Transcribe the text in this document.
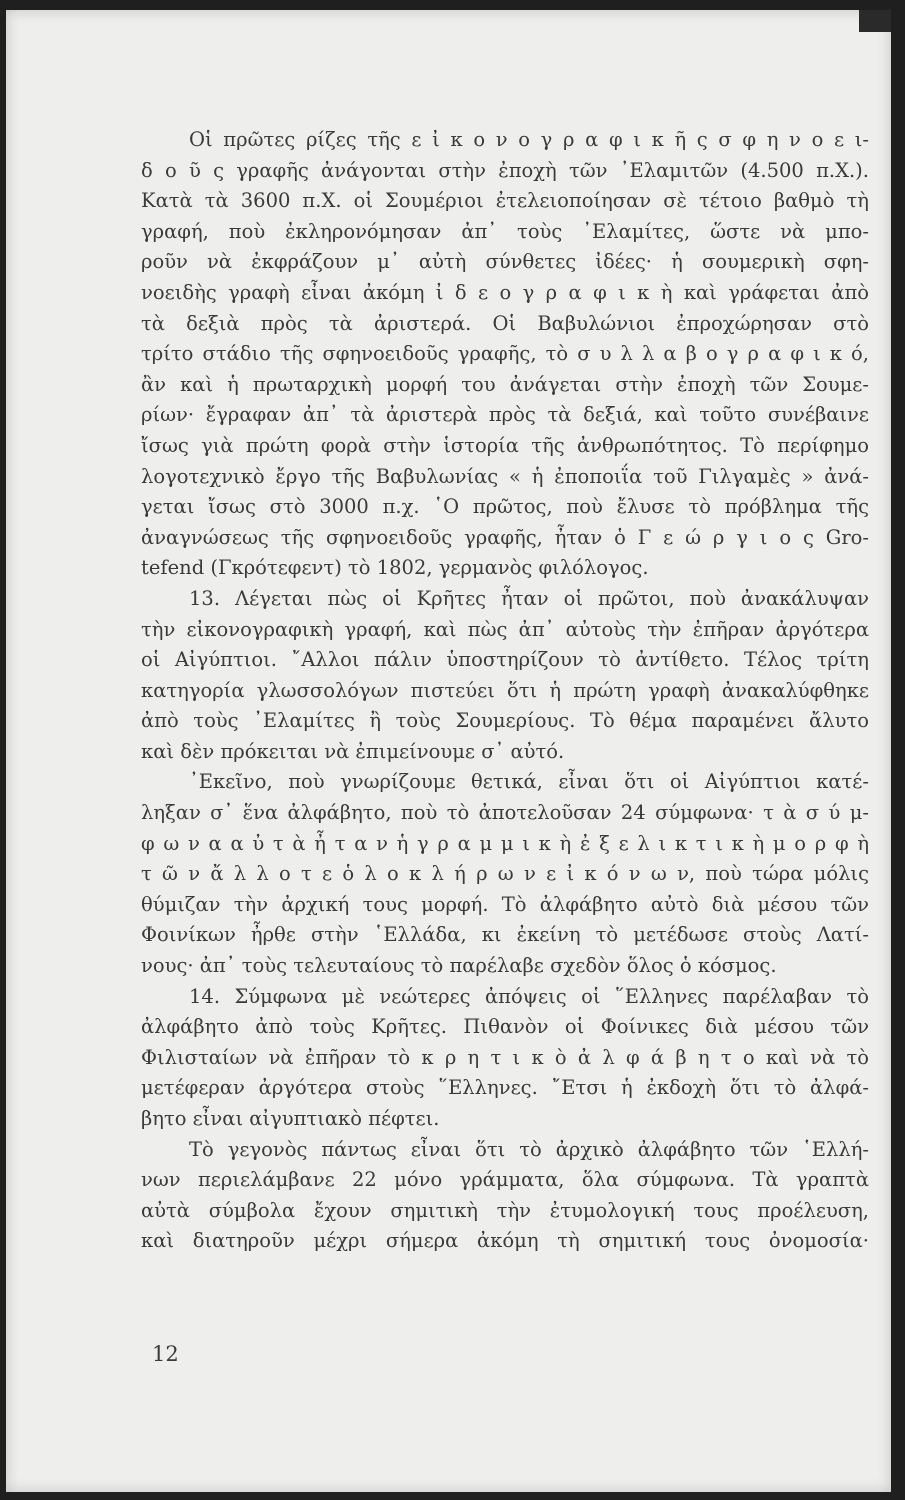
Οἱ πρῶτες ρίζες τῆς ε ἰ κ ο ν ο γ ρ α φ ι κ ῆ ς σ φ η ν ο ε ι-
δ ο ῦ ς γραφῆς ἀνάγονται στὴν ἐποχὴ τῶν ᾿Ελαμιτῶν (4.500 π.Χ.).
Κατὰ τὰ 3600 π.Χ. οἱ Σουμέριοι ἐτελειοποίησαν σὲ τέτοιο βαθμὸ τὴ
γραφή, ποὺ ἐκληρονόμησαν ἀπ᾿ τοὺς ᾿Ελαμίτες, ὥστε νὰ μπο-
ροῦν νὰ ἐκφράζουν μ᾿ αὐτὴ σύνθετες ἰδέες· ἡ σουμερικὴ σφη-
νοειδὴς γραφὴ εἶναι ἀκόμη ἰ δ ε ο γ ρ α φ ι κ ὴ καὶ γράφεται ἀπὸ
τὰ δεξιὰ πρὸς τὰ ἀριστερά. Οἱ Βαβυλώνιοι ἐπροχώρησαν στὸ
τρίτο στάδιο τῆς σφηνοειδοῦς γραφῆς, τὸ σ υ λ λ α β ο γ ρ α φ ι κ ό,
ἂν καὶ ἡ πρωταρχικὴ μορφή του ἀνάγεται στὴν ἐποχὴ τῶν Σουμε-
ρίων· ἔγραφαν ἀπ᾿ τὰ ἀριστερὰ πρὸς τὰ δεξιά, καὶ τοῦτο συνέβαινε
ἴσως γιὰ πρώτη φορὰ στὴν ἱστορία τῆς ἀνθρωπότητος. Τὸ περίφημο
λογοτεχνικὸ ἔργο τῆς Βαβυλωνίας « ἡ ἐποποιΐα τοῦ Γιλγαμὲς » ἀνά-
γεται ἴσως στὸ 3000 π.χ. ῾Ο πρῶτος, ποὺ ἔλυσε τὸ πρόβλημα τῆς
ἀναγνώσεως τῆς σφηνοειδοῦς γραφῆς, ἦταν ὁ Γ ε ώ ρ γ ι ο ς Gro-
tefend (Γκρότεφεντ) τὸ 1802, γερμανὸς φιλόλογος.
13. Λέγεται πὼς οἱ Κρῆτες ἦταν οἱ πρῶτοι, ποὺ ἀνακάλυψαν
τὴν εἰκονογραφικὴ γραφή, καὶ πὼς ἀπ᾿ αὐτοὺς τὴν ἐπῆραν ἀργότερα
οἱ Αἰγύπτιοι. ῎Αλλοι πάλιν ὑποστηρίζουν τὸ ἀντίθετο. Τέλος τρίτη
κατηγορία γλωσσολόγων πιστεύει ὅτι ἡ πρώτη γραφὴ ἀνακαλύφθηκε
ἀπὸ τοὺς ᾿Ελαμίτες ἢ τοὺς Σουμερίους. Τὸ θέμα παραμένει ἄλυτο
καὶ δὲν πρόκειται νὰ ἐπιμείνουμε σ᾿ αὐτό.
᾿Εκεῖνο, ποὺ γνωρίζουμε θετικά, εἶναι ὅτι οἱ Αἰγύπτιοι κατέ-
ληξαν σ᾿ ἕνα ἀλφάβητο, ποὺ τὸ ἀποτελοῦσαν 24 σύμφωνα· τ ὰ σ ύ μ-
φ ω ν α α ὐ τ ὰ ἦ τ α ν ἡ γ ρ α μ μ ι κ ὴ ἐ ξ ε λ ι κ τ ι κ ὴ μ ο ρ φ ὴ
τ ῶ ν ἄ λ λ ο τ ε ὁ λ ο κ λ ή ρ ω ν ε ἰ κ ό ν ω ν, ποὺ τώρα μόλις
θύμιζαν τὴν ἀρχική τους μορφή. Τὸ ἀλφάβητο αὐτὸ διὰ μέσου τῶν
Φοινίκων ἦρθε στὴν ῾Ελλάδα, κι ἐκείνη τὸ μετέδωσε στοὺς Λατί-
νους· ἀπ᾿ τοὺς τελευταίους τὸ παρέλαβε σχεδὸν ὅλος ὁ κόσμος.
14. Σύμφωνα μὲ νεώτερες ἀπόψεις οἱ ῞Ελληνες παρέλαβαν τὸ
ἀλφάβητο ἀπὸ τοὺς Κρῆτες. Πιθανὸν οἱ Φοίνικες διὰ μέσου τῶν
Φιλισταίων νὰ ἐπῆραν τὸ κ ρ η τ ι κ ὸ ἀ λ φ ά β η τ ο καὶ νὰ τὸ
μετέφεραν ἀργότερα στοὺς ῞Ελληνες. ῎Ετσι ἡ ἐκδοχὴ ὅτι τὸ ἀλφά-
βητο εἶναι αἰγυπτιακὸ πέφτει.
Τὸ γεγονὸς πάντως εἶναι ὅτι τὸ ἀρχικὸ ἀλφάβητο τῶν ῾Ελλή-
νων περιελάμβανε 22 μόνο γράμματα, ὅλα σύμφωνα. Τὰ γραπτὰ
αὐτὰ σύμβολα ἔχουν σημιτικὴ τὴν ἐτυμολογική τους προέλευση,
καὶ διατηροῦν μέχρι σήμερα ἀκόμη τὴ σημιτική τους ὀνομοσία·
12
